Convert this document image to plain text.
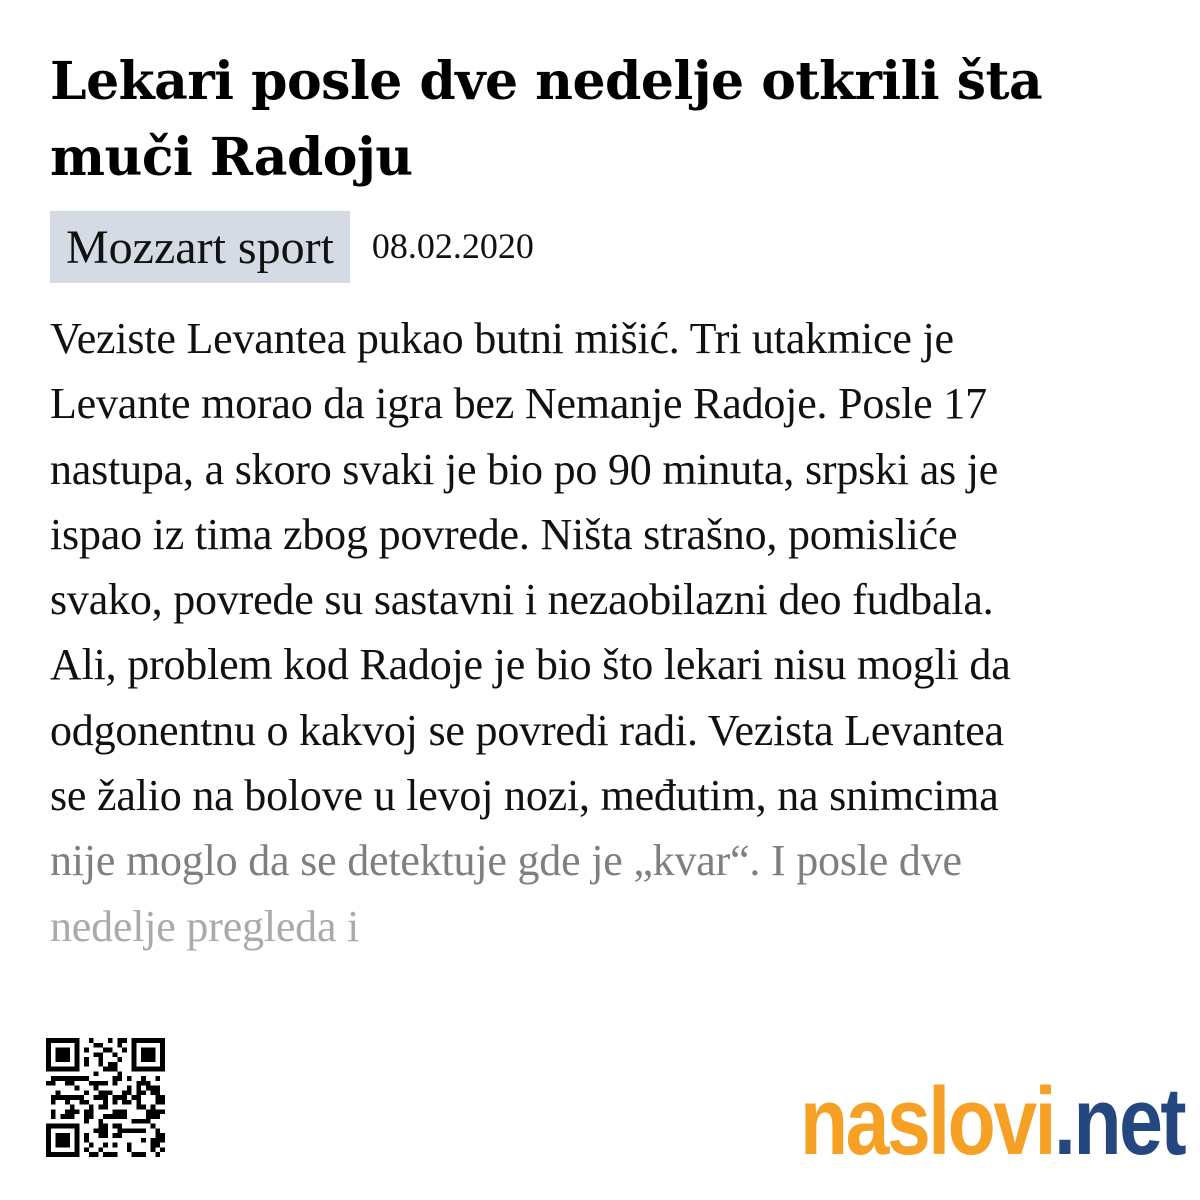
Lekari posle dve nedelje otkrili šta muči Radoju
Mozzart sport	08.02.2020

Veziste Levantea pukao butni mišić. Tri utakmice je
Levante morao da igra bez Nemanje Radoje. Posle 17
nastupa, a skoro svaki je bio po 90 minuta, srpski as je
ispao iz tima zbog povrede. Ništa strašno, pomisliće
svako, povrede su sastavni i nezaobilazni deo fudbala.
Ali, problem kod Radoje je bio što lekari nisu mogli da
odgonentnu o kakvoj se povredi radi. Vezista Levantea
se žalio na bolove u levoj nozi, međutim, na snimcima
nije moglo da se detektuje gde je „kvar“. I posle dve
nedelje pregleda i

naslovi .net
